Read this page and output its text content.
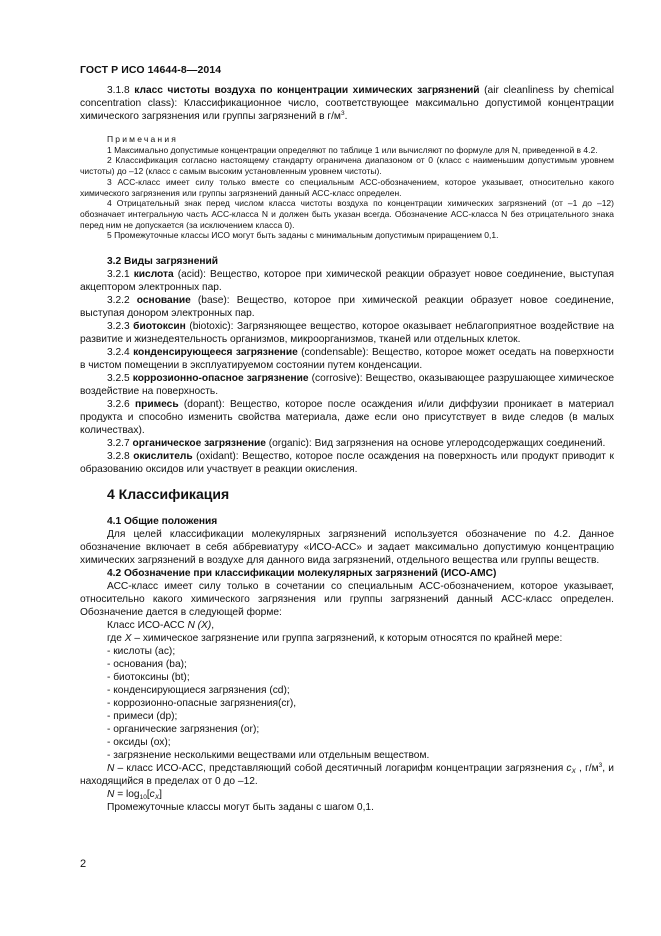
ГОСТ Р ИСО 14644-8—2014

3.1.8 класс чистоты воздуха по концентрации химических загрязнений (air cleanliness by chemical concentration class): Классификационное число, соответствующее максимально допустимой концентрации химического загрязнения или группы загрязнений в $г/м^3$.

Примечания

1 Максимально допустимые концентрации определяют по таблице 1 или вычисляют по формуле для N, приведенной в 4.2.

2 Классификация согласно настоящему стандарту ограничена диапазоном от 0 (класс с наименьшим допустимым уровнем чистоты) до –12 (класс с самым высоким установленным уровнем чистоты).

3 АСС-класс имеет силу только вместе со специальным АСС-обозначением, которое указывает, относительно какого химического загрязнения или группы загрязнений данный АСС-класс определен.

4 Отрицательный знак перед числом класса чистоты воздуха по концентрации химических загрязнений (от –1 до –12) обозначает интегральную часть АСС-класса N и должен быть указан всегда. Обозначение АСС-класса N без отрицательного знака перед ним не допускается (за исключением класса 0).

5 Промежуточные классы ИСО могут быть заданы с минимальным допустимым приращением 0,1.

3.2 Виды загрязнений

3.2.1 кислота (acid): Вещество, которое при химической реакции образует новое соединение, выступая акцептором электронных пар.

3.2.2 основание (base): Вещество, которое при химической реакции образует новое соединение, выступая донором электронных пар.

3.2.3 биотоксин (biotoxic): Загрязняющее вещество, которое оказывает неблагоприятное воздействие на развитие и жизнедеятельность организмов, микроорганизмов, тканей или отдельных клеток.

3.2.4 конденсирующееся загрязнение (condensable): Вещество, которое может оседать на поверхности в чистом помещении в эксплуатируемом состоянии путем конденсации.

3.2.5 коррозионно-опасное загрязнение (corrosive): Вещество, оказывающее разрушающее химическое воздействие на поверхность.

3.2.6 примесь (dopant): Вещество, которое после осаждения и/или диффузии проникает в материал продукта и способно изменить свойства материала, даже если оно присутствует в виде следов (в малых количествах).

3.2.7 органическое загрязнение (organic): Вид загрязнения на основе углеродсодержащих соединений.

3.2.8 окислитель (oxidant): Вещество, которое после осаждения на поверхность или продукт приводит к образованию оксидов или участвует в реакции окисления.

4 Классификация

4.1 Общие положения

Для целей классификации молекулярных загрязнений используется обозначение по 4.2. Данное обозначение включает в себя аббревиатуру «ИСО-АСС» и задает максимально допустимую концентрацию химических загрязнений в воздухе для данного вида загрязнений, отдельного вещества или группы веществ.

4.2 Обозначение при классификации молекулярных загрязнений (ИСО-АМС)

АСС-класс имеет силу только в сочетании со специальным АСС-обозначением, которое указывает, относительно какого химического загрязнения или группы загрязнений данный АСС-класс определен. Обозначение дается в следующей форме:

Класс ИСО-АСС N (X),

где X – химическое загрязнение или группа загрязнений, к которым относятся по крайней мере:

- кислоты (ас);

- основания (bа);

- биотоксины (bt);

- конденсирующиеся загрязнения (cd);

- коррозионно-опасные загрязнения(cr),

- примеси (dp);

- органические загрязнения (or);

- оксиды (ох);

- загрязнение несколькими веществами или отдельным веществом.

N – класс ИСО-АСС, представляющий собой десятичный логарифм концентрации загрязнения $c_X$ , $г/м^3$, и находящийся в пределах от 0 до –12.

$N = \log_{10}[c_X]$

Промежуточные классы могут быть заданы с шагом 0,1.

2
